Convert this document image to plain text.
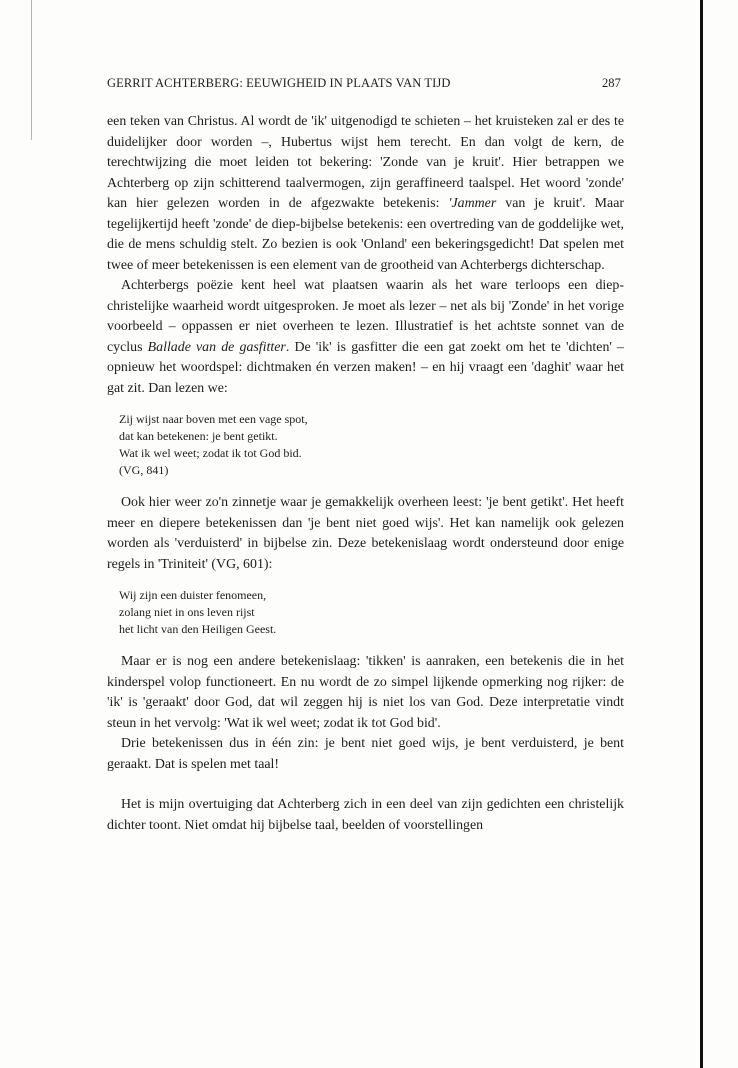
GERRIT ACHTERBERG: EEUWIGHEID IN PLAATS VAN TIJD	287

een teken van Christus. Al wordt de 'ik' uitgenodigd te schieten – het kruisteken zal er des te duidelijker door worden –, Hubertus wijst hem terecht. En dan volgt de kern, de terechtwijzing die moet leiden tot bekering: 'Zonde van je kruit'. Hier betrappen we Achterberg op zijn schitterend taalvermogen, zijn geraffineerd taalspel. Het woord 'zonde' kan hier gelezen worden in de afgezwakte betekenis: 'Jammer van je kruit'. Maar tegelijkertijd heeft 'zonde' de diep-bijbelse betekenis: een overtreding van de goddelijke wet, die de mens schuldig stelt. Zo bezien is ook 'Onland' een bekeringsgedicht! Dat spelen met twee of meer betekenissen is een element van de grootheid van Achterbergs dichterschap.

Achterbergs poëzie kent heel wat plaatsen waarin als het ware terloops een diep-christelijke waarheid wordt uitgesproken. Je moet als lezer – net als bij 'Zonde' in het vorige voorbeeld – oppassen er niet overheen te lezen. Illustratief is het achtste sonnet van de cyclus Ballade van de gasfitter. De 'ik' is gasfitter die een gat zoekt om het te 'dichten' – opnieuw het woordspel: dichtmaken én verzen maken! – en hij vraagt een 'daghit' waar het gat zit. Dan lezen we:

Zij wijst naar boven met een vage spot,
dat kan betekenen: je bent getikt.
Wat ik wel weet; zodat ik tot God bid.
(VG, 841)

Ook hier weer zo'n zinnetje waar je gemakkelijk overheen leest: 'je bent getikt'. Het heeft meer en diepere betekenissen dan 'je bent niet goed wijs'. Het kan namelijk ook gelezen worden als 'verduisterd' in bijbelse zin. Deze betekenislaag wordt ondersteund door enige regels in 'Triniteit' (VG, 601):

Wij zijn een duister fenomeen,
zolang niet in ons leven rijst
het licht van den Heiligen Geest.

Maar er is nog een andere betekenislaag: 'tikken' is aanraken, een betekenis die in het kinderspel volop functioneert. En nu wordt de zo simpel lijkende opmerking nog rijker: de 'ik' is 'geraakt' door God, dat wil zeggen hij is niet los van God. Deze interpretatie vindt steun in het vervolg: 'Wat ik wel weet; zodat ik tot God bid'.

Drie betekenissen dus in één zin: je bent niet goed wijs, je bent verduisterd, je bent geraakt. Dat is spelen met taal!

Het is mijn overtuiging dat Achterberg zich in een deel van zijn gedichten een christelijk dichter toont. Niet omdat hij bijbelse taal, beelden of voorstellingen
